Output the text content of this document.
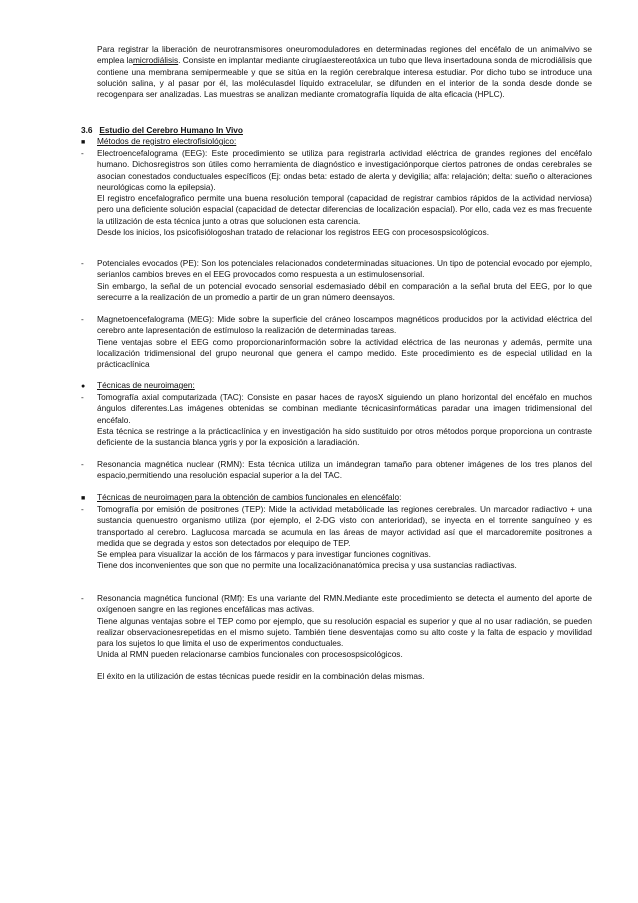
Para registrar la liberación de neurotransmisores oneuromoduladores en determinadas regiones del encéfalo de un animalvivo se emplea lamicrodiálisis. Consiste en implantar mediante cirugíaestereotáxica un tubo que lleva insertadouna sonda de microdiálisis que contiene una membrana semipermeable y que se sitúa en la región cerebralque interesa estudiar. Por dicho tubo se introduce una solución salina, y al pasar por él, las moléculasdel líquido extracelular, se difunden en el interior de la sonda desde donde se recogenpara ser analizadas. Las muestras se analizan mediante cromatografía líquida de alta eficacia (HPLC).

3.6 Estudio del Cerebro Humano In Vivo
■ Métodos de registro electrofisiológico:

- Electroencefalograma (EEG): Este procedimiento se utiliza para registrarla actividad eléctrica de grandes regiones del encéfalo humano. Dichosregistros son útiles como herramienta de diagnóstico e investigaciónporque ciertos patrones de ondas cerebrales se asocian conestados conductuales específicos (Ej: ondas beta: estado de alerta y devigilia; alfa: relajación; delta: sueño o alteraciones neurológicas como la epilepsia).
El registro encefalografico permite una buena resolución temporal (capacidad de registrar cambios rápidos de la actividad nerviosa) pero una deficiente solución espacial (capacidad de detectar diferencias de localización espacial). Por ello, cada vez es mas frecuente la utilización de esta técnica junto a otras que solucionen esta carencia.
Desde los inicios, los psicofisiólogoshan tratado de relacionar los registros EEG con procesospsicológicos.
- Potenciales evocados (PE): Son los potenciales relacionados condeterminadas situaciones. Un tipo de potencial evocado por ejemplo, serianlos cambios breves en el EEG provocados como respuesta a un estimulosensorial.
Sin embargo, la señal de un potencial evocado sensorial esdemasiado débil en comparación a la señal bruta del EEG, por lo que serecurre a la realización de un promedio a partir de un gran número deensayos.
- Magnetoencefalograma (MEG): Mide sobre la superficie del cráneo loscampos magnéticos producidos por la actividad eléctrica del cerebro ante lapresentación de estímuloso la realización de determinadas tareas.
Tiene ventajas sobre el EEG como proporcionarinformación sobre la actividad eléctrica de las neuronas y además, permite una localización tridimensional del grupo neuronal que genera el campo medido. Este procedimiento es de especial utilidad en la prácticaclínica
● Técnicas de neuroimagen:

- Tomografía axial computarizada (TAC): Consiste en pasar haces de rayosX siguiendo un plano horizontal del encéfalo en muchos ángulos diferentes.Las imágenes obtenidas se combinan mediante técnicasinformáticas paradar una imagen tridimensional del encéfalo.
Esta técnica se restringe a la prácticaclínica y en investigación ha sido sustituido por otros métodos porque proporciona un contraste deficiente de la sustancia blanca ygris y por la exposición a laradiación.
- Resonancia magnética nuclear (RMN): Esta técnica utiliza un imándegran tamaño para obtener imágenes de los tres planos del espacio,permitiendo una resolución espacial superior a la del TAC.
■ Técnicas de neuroimagen para la obtención de cambios funcionales en elencéfalo:

- Tomografía por emisión de positrones (TEP): Mide la actividad metabólicade las regiones cerebrales. Un marcador radiactivo + una sustancia quenuestro organismo utiliza (por ejemplo, el 2-DG visto con anterioridad), se inyecta en el torrente sanguíneo y es transportado al cerebro. Laglucosa marcada se acumula en las áreas de mayor actividad así que el marcadoremite positrones a medida que se degrada y estos son detectados por elequipo de TEP.
Se emplea para visualizar la acción de los fármacos y para investigar funciones cognitivas.
Tiene dos inconvenientes que son que no permite una localizaciónanatómica precisa y usa sustancias radiactivas.
- Resonancia magnética funcional (RMf): Es una variante del RMN.Mediante este procedimiento se detecta el aumento del aporte de oxígenoen sangre en las regiones encefálicas mas activas.
Tiene algunas ventajas sobre el TEP como por ejemplo, que su resolución espacial es superior y que al no usar radiación, se pueden realizar observacionesrepetidas en el mismo sujeto. También tiene desventajas como su alto coste y la falta de espacio y movilidad para los sujetos lo que limita el uso de experimentos conductuales.
Unida al RMN pueden relacionarse cambios funcionales con procesospsicológicos.

El éxito en la utilización de estas técnicas puede residir en la combinación delas mismas.
